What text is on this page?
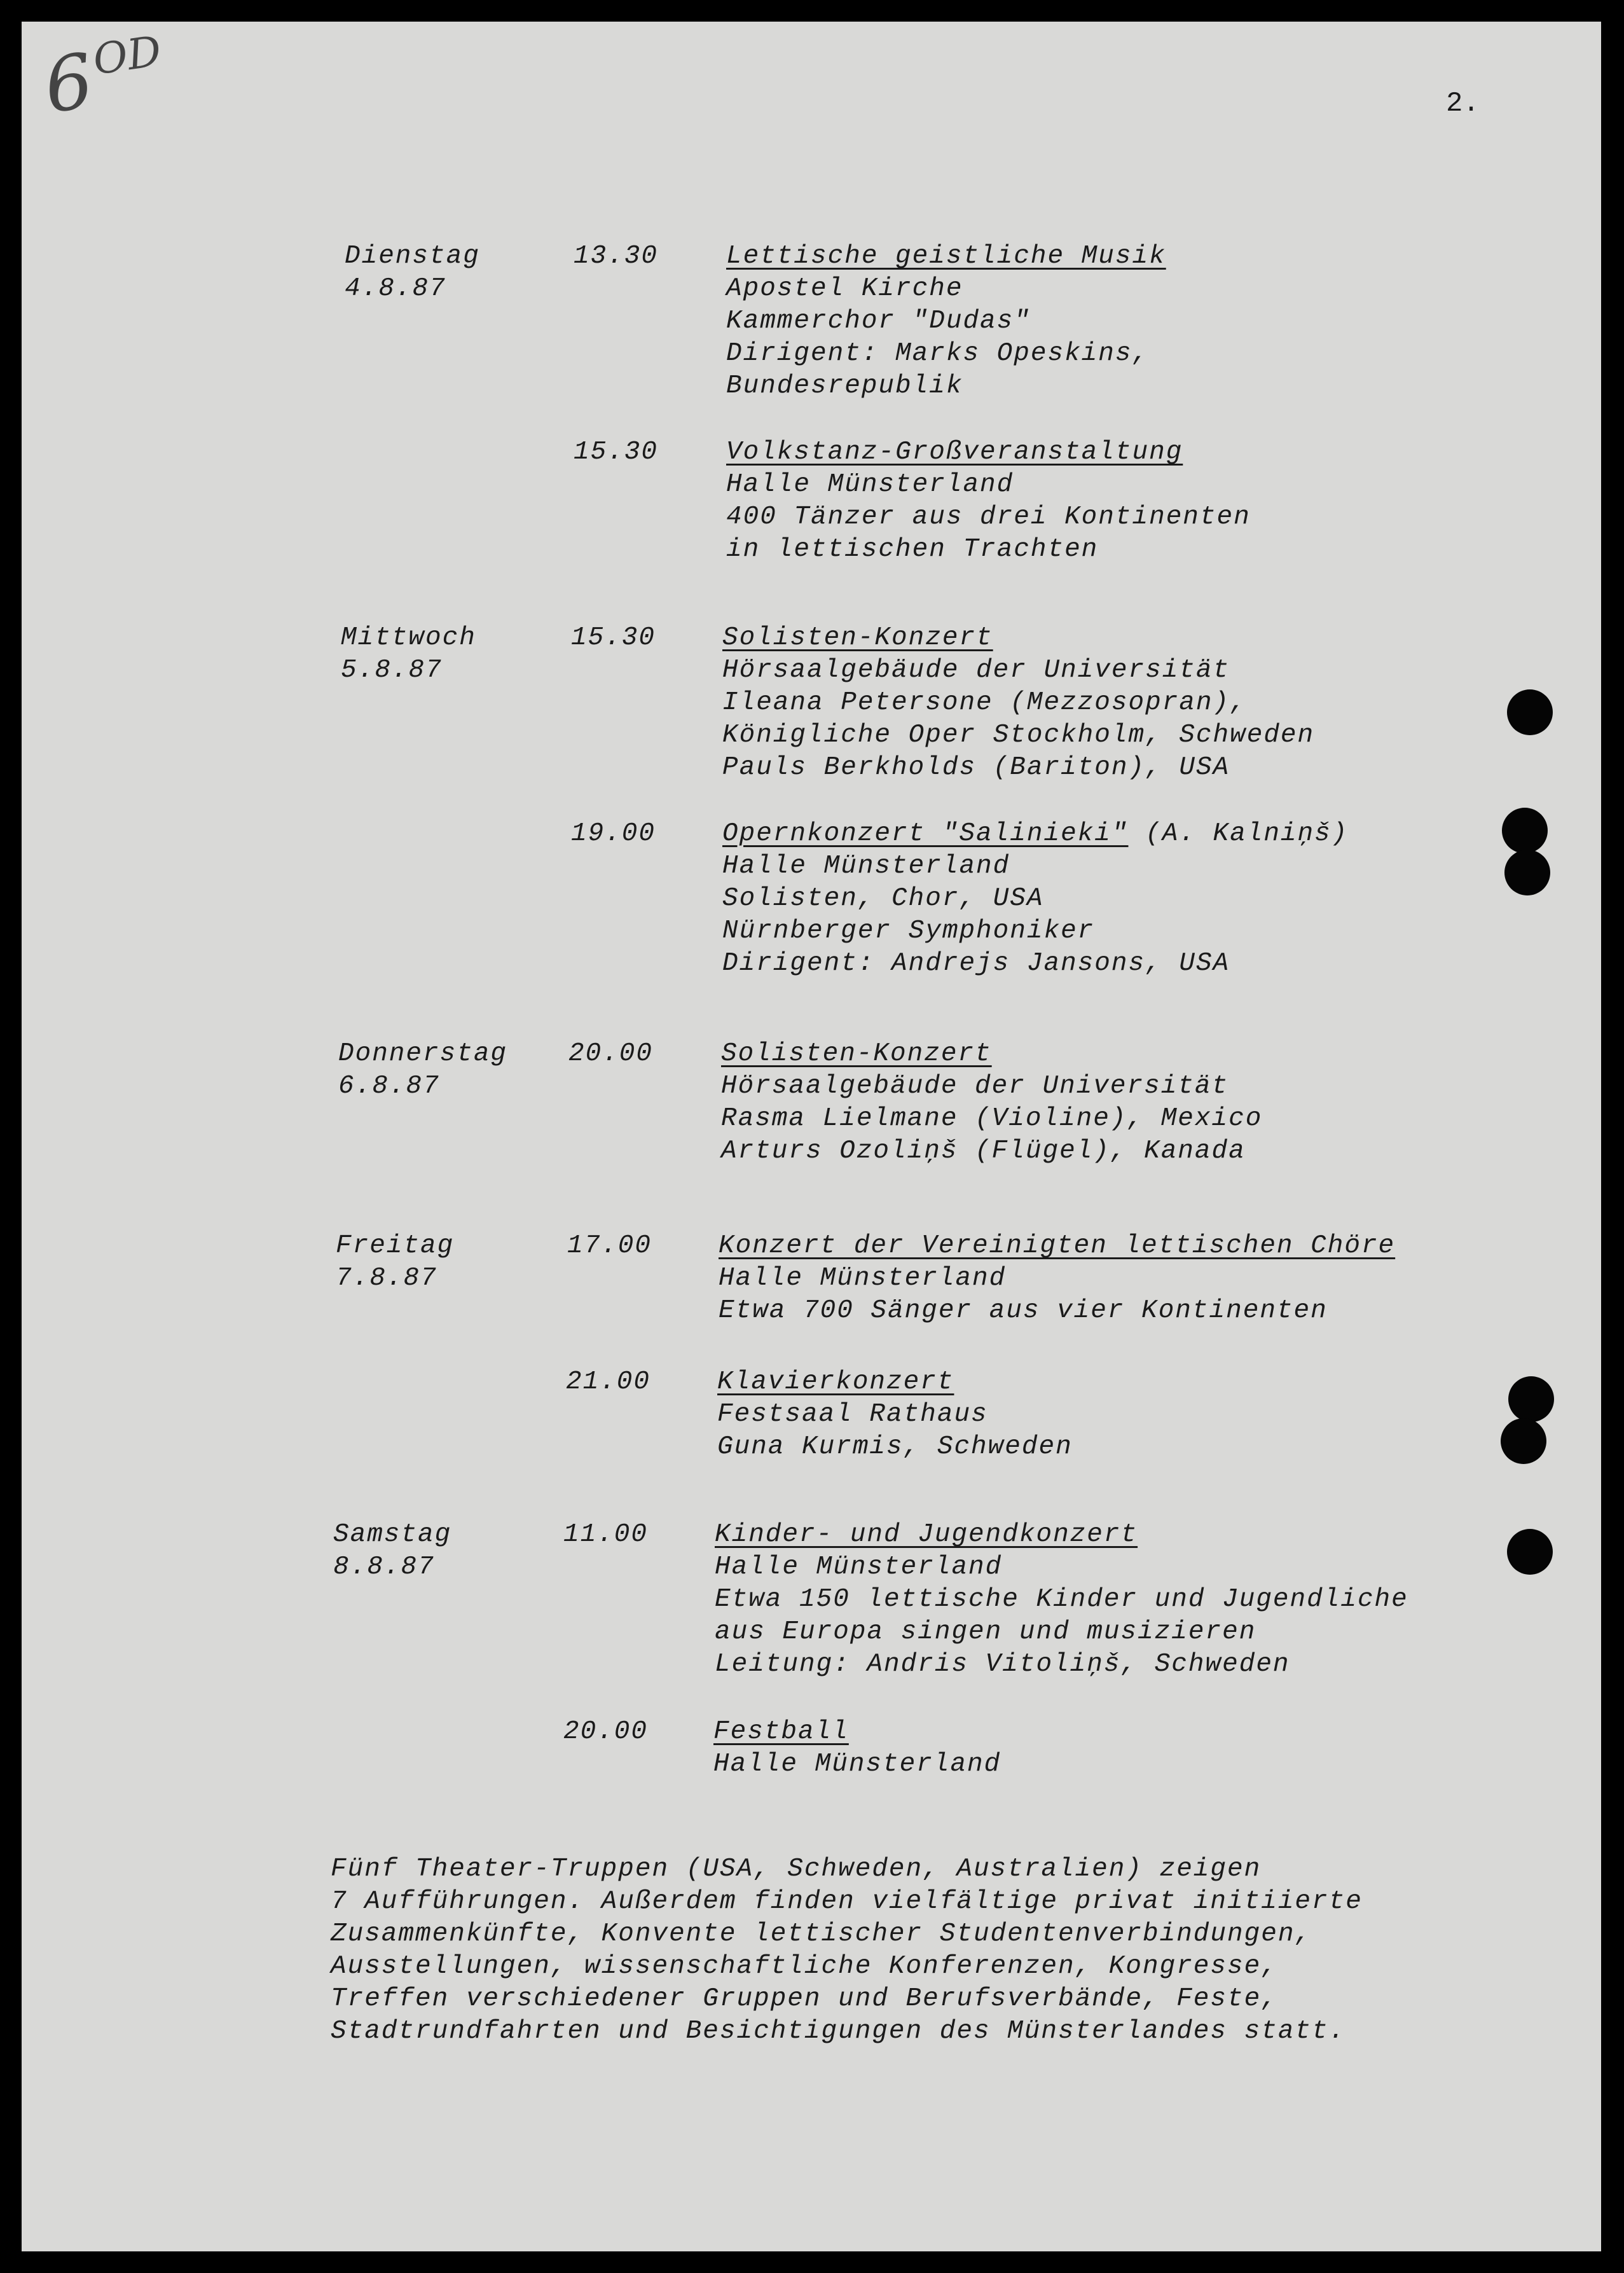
$6^{OD}$
2.
Dienstag
4.8.87
13.30	Lettische geistliche Musik
Apostel Kirche
Kammerchor "Dudas"
Dirigent: Marks Opeskins,
Bundesrepublik
15.30	Volkstanz-Großveranstaltung
Halle Münsterland
400 Tänzer aus drei Kontinenten
in lettischen Trachten
Mittwoch
5.8.87
15.30	Solisten-Konzert
Hörsaalgebäude der Universität
Ileana Petersone (Mezzosopran),
Königliche Oper Stockholm, Schweden
Pauls Berkholds (Bariton), USA
19.00	Opernkonzert "Salinieki" (A. Kalniņš)
Halle Münsterland
Solisten, Chor, USA
Nürnberger Symphoniker
Dirigent: Andrejs Jansons, USA
Donnerstag
6.8.87
20.00	Solisten-Konzert
Hörsaalgebäude der Universität
Rasma Lielmane (Violine), Mexico
Arturs Ozoliņš (Flügel), Kanada
Freitag
7.8.87
17.00	Konzert der Vereinigten lettischen Chöre
Halle Münsterland
Etwa 700 Sänger aus vier Kontinenten
21.00	Klavierkonzert
Festsaal Rathaus
Guna Kurmis, Schweden
Samstag
8.8.87
11.00	Kinder- und Jugendkonzert
Halle Münsterland
Etwa 150 lettische Kinder und Jugendliche
aus Europa singen und musizieren
Leitung: Andris Vitoliņš, Schweden
20.00	Festball
Halle Münsterland
Fünf Theater-Truppen (USA, Schweden, Australien) zeigen
7 Aufführungen. Außerdem finden vielfältige privat initiierte
Zusammenkünfte, Konvente lettischer Studentenverbindungen,
Ausstellungen, wissenschaftliche Konferenzen, Kongresse,
Treffen verschiedener Gruppen und Berufsverbände, Feste,
Stadtrundfahrten und Besichtigungen des Münsterlandes statt.
